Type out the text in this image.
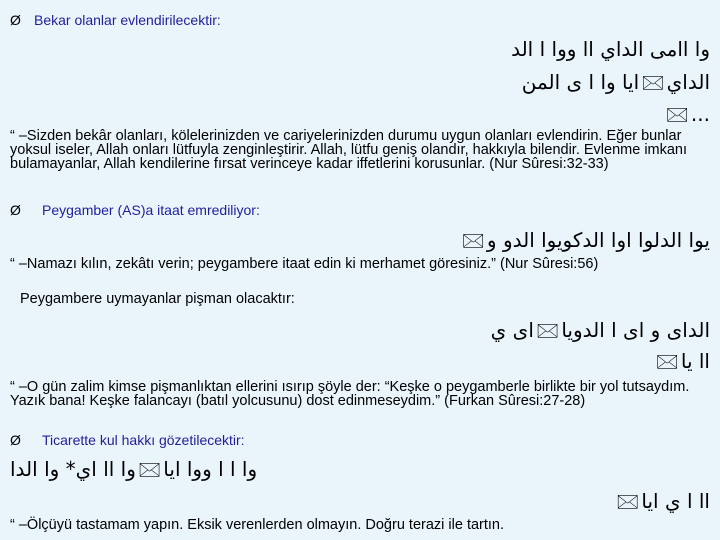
Ø Bekar olanlar evlendirilecektir:
وا اامى الداي اا ووا ا الد
الداي🖂ايا وا ا ى المن
🖂 ...
“ –Sizden bekâr olanları, kölelerinizden ve cariyelerinizden durumu uygun olanları evlendirin. Eğer bunlar yoksul iseler, Allah onları lütfuyla zenginleştirir. Allah, lütfu geniş olandır, hakkıyla bilendir. Evlenme imkanı bulamayanlar, Allah kendilerine fırsat verinceye kadar iffetlerini korusunlar. (Nur Sûresi:32-33)
Ø Peygamber (AS)a itaat emrediliyor:
يوا الدلوا اوا الدكويوا الدو و🖂
“ –Namazı kılın, zekâtı verin; peygambere itaat edin ki merhamet göresiniz.” (Nur Sûresi:56)
Peygambere uymayanlar pişman olacaktır:
الداى و اى ا الدويا🖂اى ي
اا يا🖂
“ –O gün zalim kimse pişmanlıktan ellerini ısırıp şöyle der: “Keşke o peygamberle birlikte bir yol tutsaydım. Yazık bana! Keşke falancayı (batıl yolcusunu) dost edinmeseydim.” (Furkan Sûresi:27-28)
Ø Ticarette kul hakkı gözetilecektir:
وا ا ا ووا ايا🖂وا اا اي* وا الدا
اا ا ي ايا🖂
“ –Ölçüyü tastamam yapın. Eksik verenlerden olmayın. Doğru terazi ile tartın.
